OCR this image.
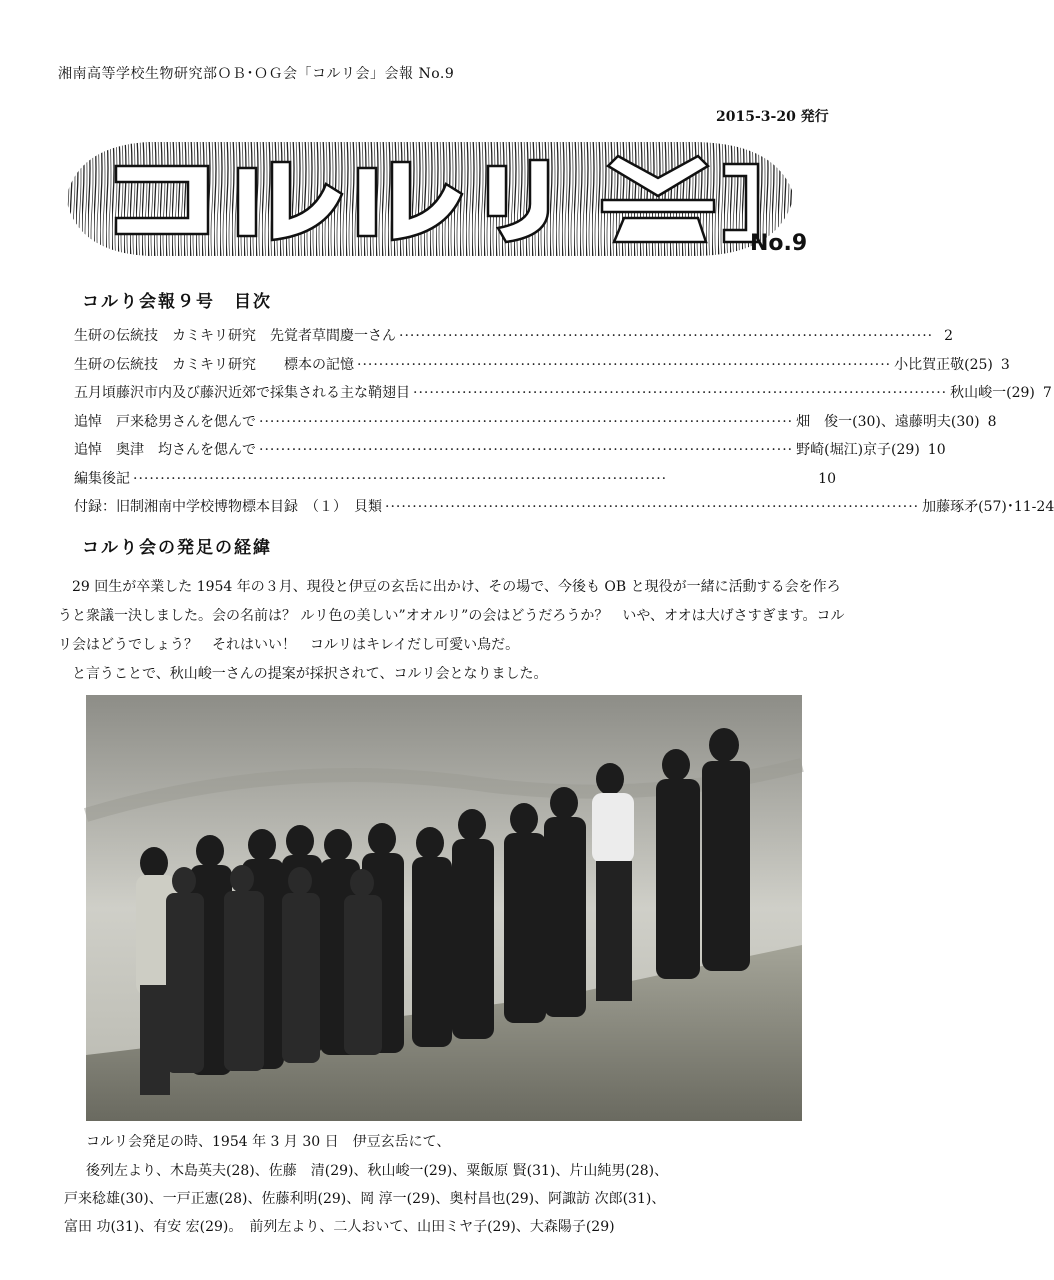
湘南高等学校生物研究部ＯＢ･ＯＧ会「コルリ会」会報 No.9
2015-3-20 発行
No.9
コルり会報９号　目次
生研の伝統技　カミキリ研究　先覚者草間慶一さん ·································································································· 2
生研の伝統技　カミキリ研究　　標本の記憶 ·································································································· 小比賀正敬(25) 3
五月頃藤沢市内及び藤沢近郊で採集される主な鞘翅目 ·································································································· 秋山峻一(29) 7
追悼　戸来稔男さんを偲んで ·································································································· 畑　俊一(30)、遠藤明夫(30) 8
追悼　奥津　均さんを偲んで ·································································································· 野崎(堀江)京子(29) 10
編集後記 ··································································································	10
付録：旧制湘南中学校博物標本目録　（１）　貝類 ·································································································· 加藤琢矛(57)･11-24
コルり会の発足の経緯
29 回生が卒業した 1954 年の３月、現役と伊豆の玄岳に出かけ、その場で、今後も OB と現役が一緒に活動する会を作ろうと衆議一決しました。会の名前は？ ルリ色の美しい”オオルリ”の会はどうだろうか？　いや、オオは大げさすぎます。コルリ会はどうでしょう？　それはいい！　コルリはキレイだし可愛い鳥だ。
と言うことで、秋山峻一さんの提案が採択されて、コルリ会となりました。
コルリ会発足の時、1954 年 3 月 30 日　伊豆玄岳にて、
後列左より、木島英夫(28)、佐藤　清(29)、秋山峻一(29)、粟飯原 賢(31)、片山純男(28)、
戸来稔雄(30)、一戸正憲(28)、佐藤利明(29)、岡 淳一(29)、奥村昌也(29)、阿諏訪 次郎(31)、
富田 功(31)、有安 宏(29)。　前列左より、二人おいて、山田ミヤ子(29)、大森陽子(29)
